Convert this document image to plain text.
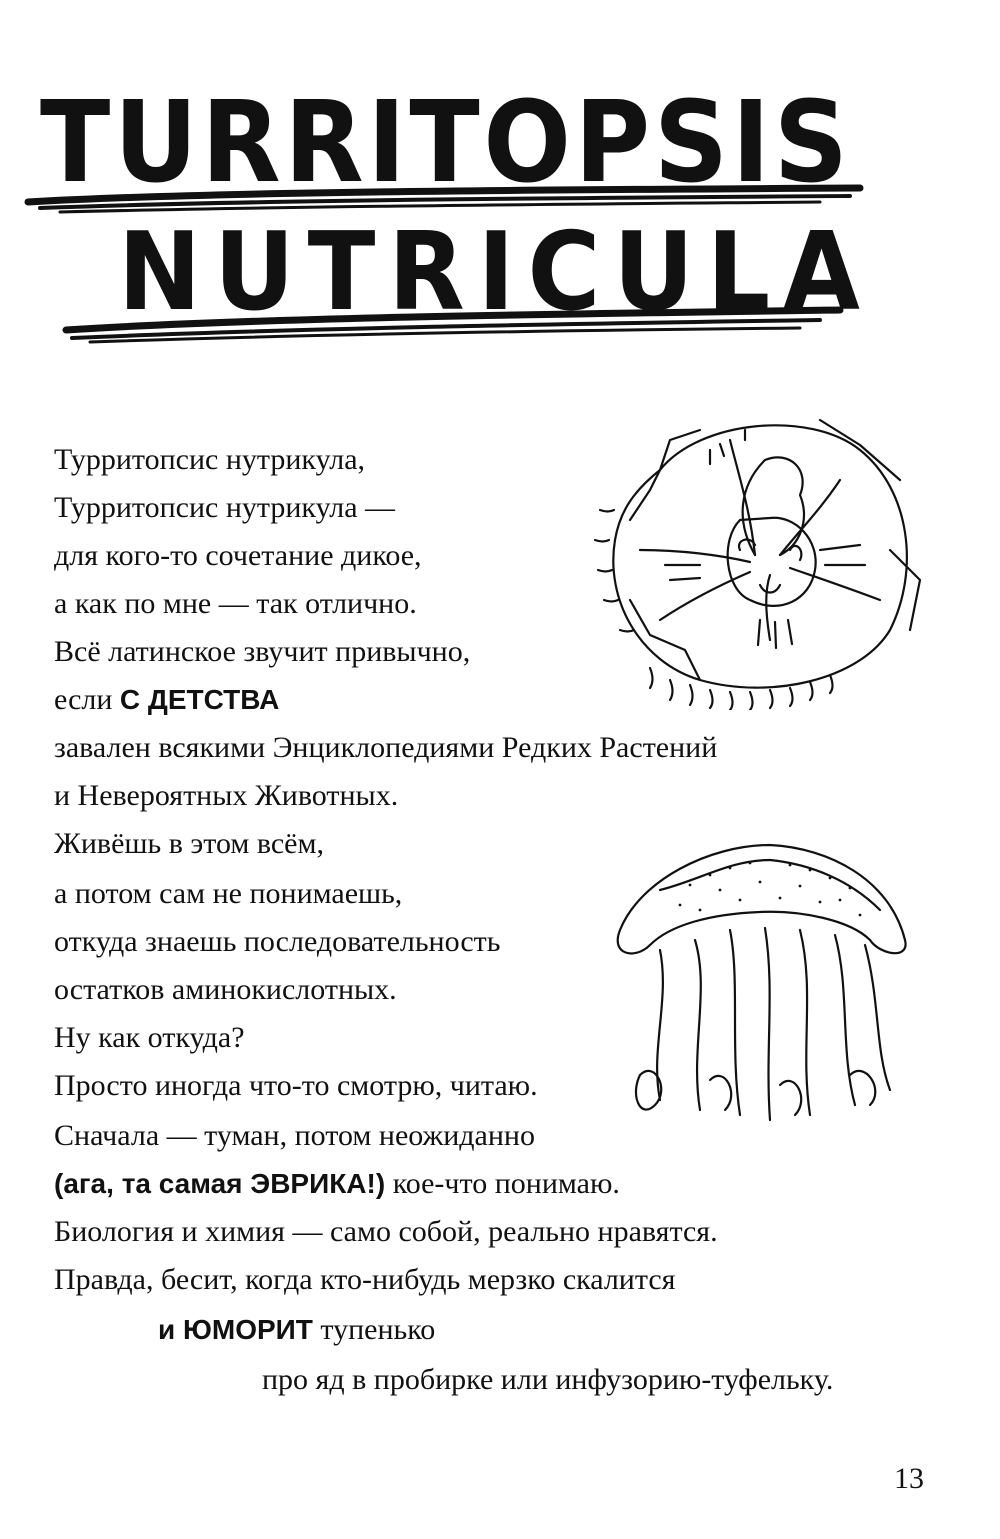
TURRITOPSIS
NUTRICULA

Турритопсис нутрикула,

Турритопсис нутрикула —

для кого-то сочетание дикое,

а как по мне — так отлично.

Всё латинское звучит привычно,

если С ДЕТСТВА

завален всякими Энциклопедиями Редких Растений

и Невероятных Животных.

Живёшь в этом всём,

а потом сам не понимаешь,

откуда знаешь последовательность

остатков аминокислотных.

Ну как откуда?

Просто иногда что-то смотрю, читаю.

Сначала — туман, потом неожиданно

(ага, та самая ЭВРИКА!) кое-что понимаю.

Биология и химия — само собой, реально нравятся.

Правда, бесит, когда кто-нибудь мерзко скалится

и ЮМОРИТ тупенько

про яд в пробирке или инфузорию-туфельку.

13
